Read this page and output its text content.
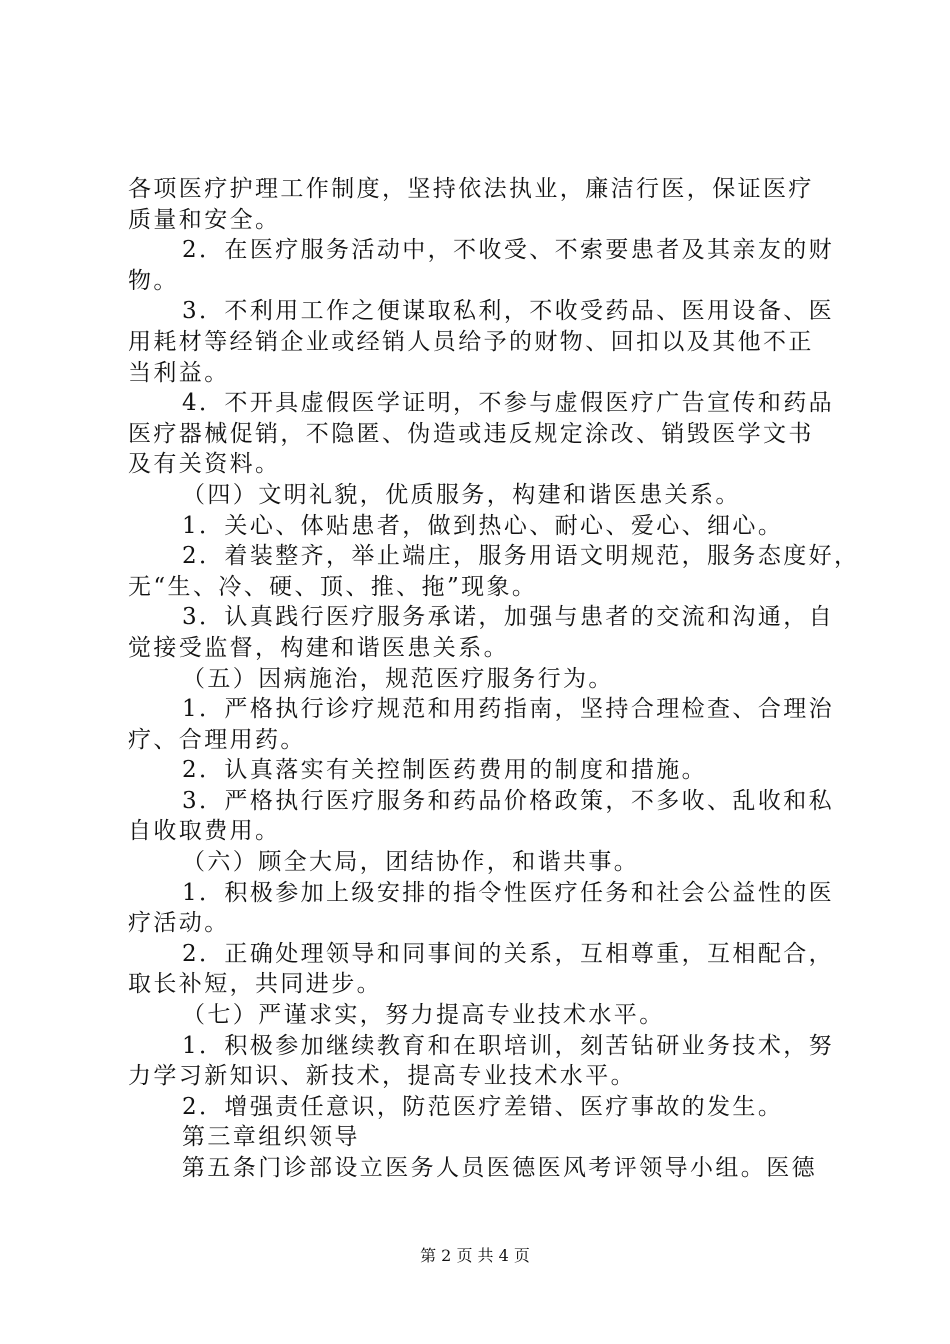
各项医疗护理工作制度，坚持依法执业，廉洁行医，保证医疗

质量和安全。

2．在医疗服务活动中，不收受、不索要患者及其亲友的财

物。

3．不利用工作之便谋取私利，不收受药品、医用设备、医

用耗材等经销企业或经销人员给予的财物、回扣以及其他不正

当利益。

4．不开具虚假医学证明，不参与虚假医疗广告宣传和药品

医疗器械促销，不隐匿、伪造或违反规定涂改、销毁医学文书

及有关资料。

（四）文明礼貌，优质服务，构建和谐医患关系。

1．关心、体贴患者，做到热心、耐心、爱心、细心。

2．着装整齐，举止端庄，服务用语文明规范，服务态度好，

无“生、冷、硬、顶、推、拖”现象。

3．认真践行医疗服务承诺，加强与患者的交流和沟通，自

觉接受监督，构建和谐医患关系。

（五）因病施治，规范医疗服务行为。

1．严格执行诊疗规范和用药指南，坚持合理检查、合理治

疗、合理用药。

2．认真落实有关控制医药费用的制度和措施。

3．严格执行医疗服务和药品价格政策，不多收、乱收和私

自收取费用。

（六）顾全大局，团结协作，和谐共事。

1．积极参加上级安排的指令性医疗任务和社会公益性的医

疗活动。

2．正确处理领导和同事间的关系，互相尊重，互相配合，

取长补短，共同进步。

（七）严谨求实，努力提高专业技术水平。

1．积极参加继续教育和在职培训，刻苦钻研业务技术，努

力学习新知识、新技术，提高专业技术水平。

2．增强责任意识，防范医疗差错、医疗事故的发生。

第三章组织领导

第五条门诊部设立医务人员医德医风考评领导小组。医德

第 2 页 共 4 页
